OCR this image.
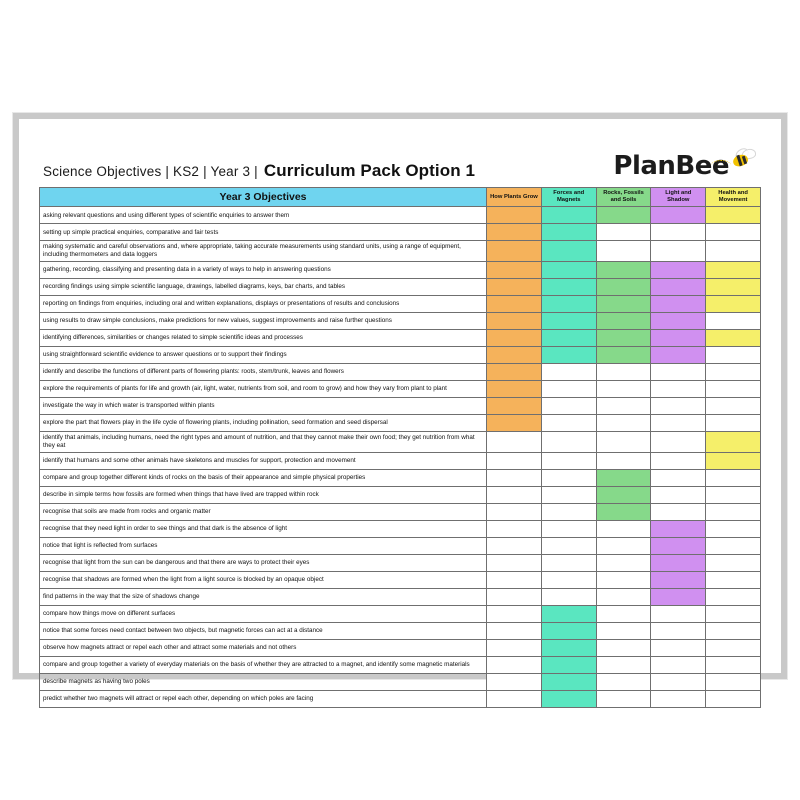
Science Objectives | KS2 | Year 3 | Curriculum Pack Option 1	PlanBee
Year 3 Objectives	How Plants Grow	Forces and Magnets	Rocks, Fossils and Soils	Light and Shadow	Health and Movement
asking relevant questions and using different types of scientific enquiries to answer them					
setting up simple practical enquiries, comparative and fair tests					
making systematic and careful observations and, where appropriate, taking accurate measurements using standard units, using a range of equipment, including thermometers and data loggers					
gathering, recording, classifying and presenting data in a variety of ways to help in answering questions					
recording findings using simple scientific language, drawings, labelled diagrams, keys, bar charts, and tables					
reporting on findings from enquiries, including oral and written explanations, displays or presentations of results and conclusions					
using results to draw simple conclusions, make predictions for new values, suggest improvements and raise further questions					
identifying differences, similarities or changes related to simple scientific ideas and processes					
using straightforward scientific evidence to answer questions or to support their findings					
identify and describe the functions of different parts of flowering plants: roots, stem/trunk, leaves and flowers					
explore the requirements of plants for life and growth (air, light, water, nutrients from soil, and room to grow) and how they vary from plant to plant					
investigate the way in which water is transported within plants					
explore the part that flowers play in the life cycle of flowering plants, including pollination, seed formation and seed dispersal					
identify that animals, including humans, need the right types and amount of nutrition, and that they cannot make their own food; they get nutrition from what they eat					
identify that humans and some other animals have skeletons and muscles for support, protection and movement					
compare and group together different kinds of rocks on the basis of their appearance and simple physical properties					
describe in simple terms how fossils are formed when things that have lived are trapped within rock					
recognise that soils are made from rocks and organic matter					
recognise that they need light in order to see things and that dark is the absence of light					
notice that light is reflected from surfaces					
recognise that light from the sun can be dangerous and that there are ways to protect their eyes					
recognise that shadows are formed when the light from a light source is blocked by an opaque object					
find patterns in the way that the size of shadows change					
compare how things move on different surfaces					
notice that some forces need contact between two objects, but magnetic forces can act at a distance					
observe how magnets attract or repel each other and attract some materials and not others					
compare and group together a variety of everyday materials on the basis of whether they are attracted to a magnet, and identify some magnetic materials					
describe magnets as having two poles					
predict whether two magnets will attract or repel each other, depending on which poles are facing					
